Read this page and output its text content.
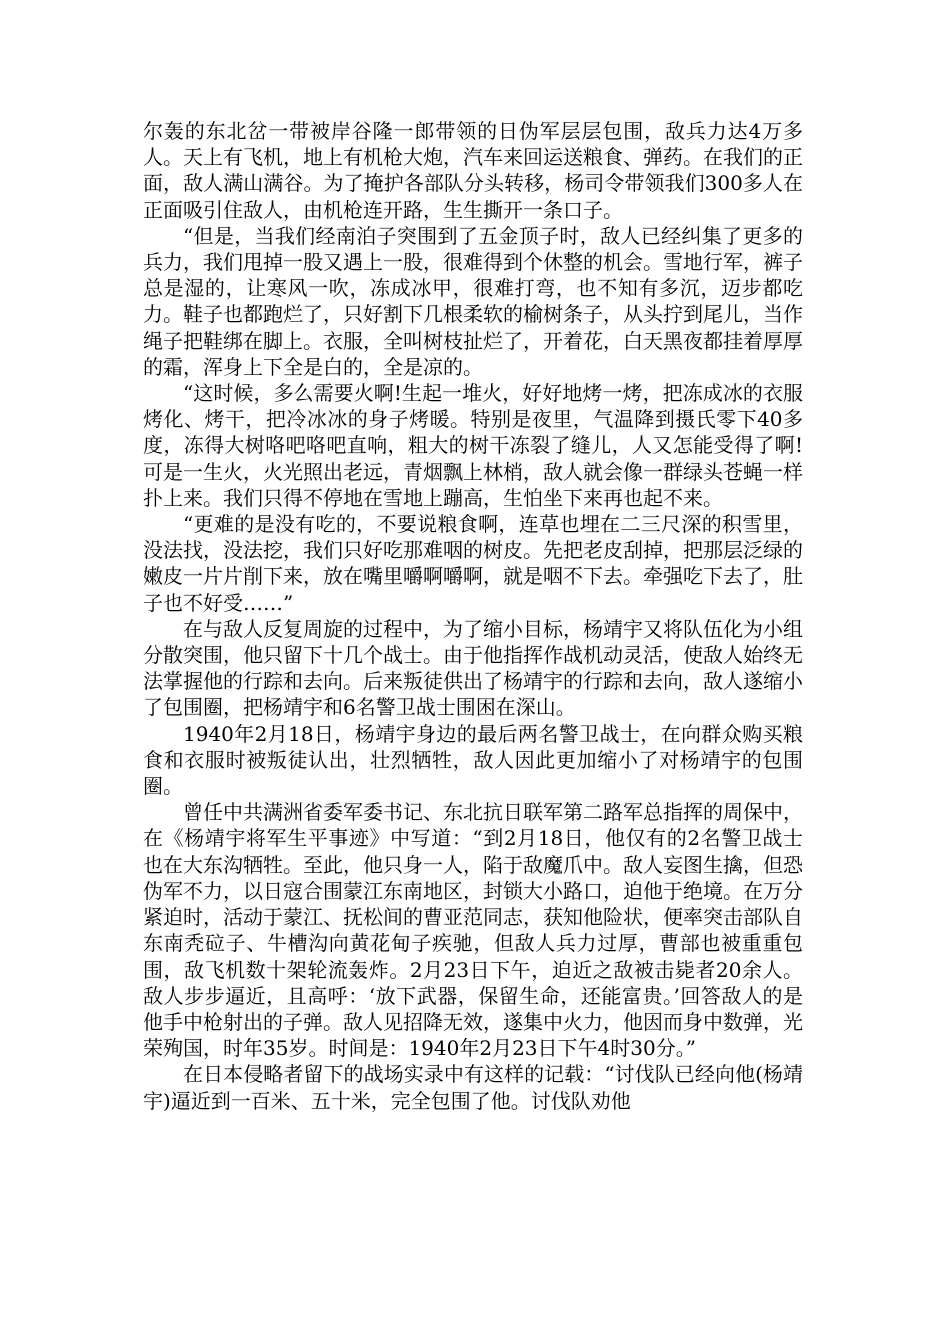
尔轰的东北岔一带被岸谷隆一郎带领的日伪军层层包围，敌兵力达4万多人。天上有飞机，地上有机枪大炮，汽车来回运送粮食、弹药。在我们的正面，敌人满山满谷。为了掩护各部队分头转移，杨司令带领我们300多人在正面吸引住敌人，由机枪连开路，生生撕开一条口子。

“但是，当我们经南泊子突围到了五金顶子时，敌人已经纠集了更多的兵力，我们甩掉一股又遇上一股，很难得到个休整的机会。雪地行军，裤子总是湿的，让寒风一吹，冻成冰甲，很难打弯，也不知有多沉，迈步都吃力。鞋子也都跑烂了，只好割下几根柔软的榆树条子，从头拧到尾儿，当作绳子把鞋绑在脚上。衣服，全叫树枝扯烂了，开着花，白天黑夜都挂着厚厚的霜，浑身上下全是白的，全是凉的。

“这时候，多么需要火啊!生起一堆火，好好地烤一烤，把冻成冰的衣服烤化、烤干，把冷冰冰的身子烤暖。特别是夜里，气温降到摄氏零下40多度，冻得大树咯吧咯吧直响，粗大的树干冻裂了缝儿，人又怎能受得了啊!可是一生火，火光照出老远，青烟飘上林梢，敌人就会像一群绿头苍蝇一样扑上来。我们只得不停地在雪地上蹦高，生怕坐下来再也起不来。

“更难的是没有吃的，不要说粮食啊，连草也埋在二三尺深的积雪里，没法找，没法挖，我们只好吃那难咽的树皮。先把老皮刮掉，把那层泛绿的嫩皮一片片削下来，放在嘴里嚼啊嚼啊，就是咽不下去。牵强吃下去了，肚子也不好受……”

在与敌人反复周旋的过程中，为了缩小目标，杨靖宇又将队伍化为小组分散突围，他只留下十几个战士。由于他指挥作战机动灵活，使敌人始终无法掌握他的行踪和去向。后来叛徒供出了杨靖宇的行踪和去向，敌人遂缩小了包围圈，把杨靖宇和6名警卫战士围困在深山。

1940年2月18日，杨靖宇身边的最后两名警卫战士，在向群众购买粮食和衣服时被叛徒认出，壮烈牺牲，敌人因此更加缩小了对杨靖宇的包围圈。

曾任中共满洲省委军委书记、东北抗日联军第二路军总指挥的周保中，在《杨靖宇将军生平事迹》中写道：“到2月18日，他仅有的2名警卫战士也在大东沟牺牲。至此，他只身一人，陷于敌魔爪中。敌人妄图生擒，但恐伪军不力，以日寇合围蒙江东南地区，封锁大小路口，迫他于绝境。在万分紧迫时，活动于蒙江、抚松间的曹亚范同志，获知他险状，便率突击部队自东南秃砬子、牛槽沟向黄花甸子疾驰，但敌人兵力过厚，曹部也被重重包围，敌飞机数十架轮流轰炸。2月23日下午，迫近之敌被击毙者20余人。敌人步步逼近，且高呼：‘放下武器，保留生命，还能富贵。’回答敌人的是他手中枪射出的子弹。敌人见招降无效，遂集中火力，他因而身中数弹，光荣殉国，时年35岁。时间是：1940年2月23日下午4时30分。”

在日本侵略者留下的战场实录中有这样的记载：“讨伐队已经向他(杨靖宇)逼近到一百米、五十米，完全包围了他。讨伐队劝他
